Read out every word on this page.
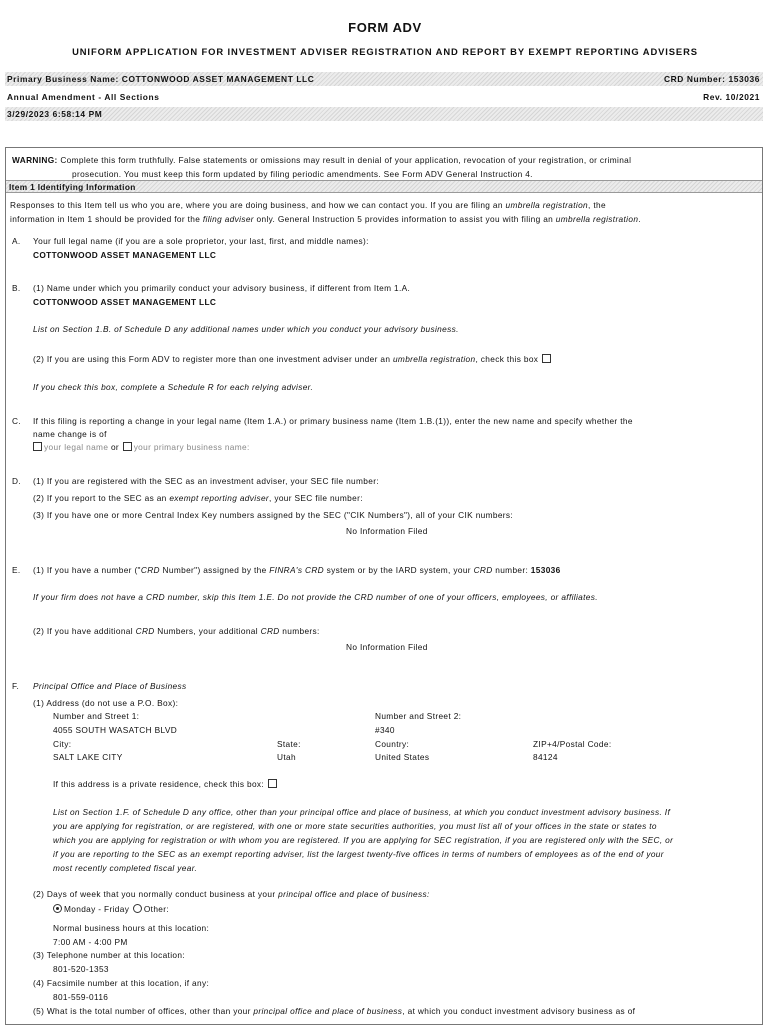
FORM ADV
UNIFORM APPLICATION FOR INVESTMENT ADVISER REGISTRATION AND REPORT BY EXEMPT REPORTING ADVISERS
Primary Business Name: COTTONWOOD ASSET MANAGEMENT LLC	CRD Number: 153036
Annual Amendment - All Sections	Rev. 10/2021
3/29/2023 6:58:14 PM
WARNING: Complete this form truthfully. False statements or omissions may result in denial of your application, revocation of your registration, or criminal
prosecution. You must keep this form updated by filing periodic amendments. See Form ADV General Instruction 4.
Item 1 Identifying Information
Responses to this Item tell us who you are, where you are doing business, and how we can contact you. If you are filing an umbrella registration, the
information in Item 1 should be provided for the filing adviser only. General Instruction 5 provides information to assist you with filing an umbrella registration.
A. Your full legal name (if you are a sole proprietor, your last, first, and middle names):
COTTONWOOD ASSET MANAGEMENT LLC
B. (1) Name under which you primarily conduct your advisory business, if different from Item 1.A.
COTTONWOOD ASSET MANAGEMENT LLC
List on Section 1.B. of Schedule D any additional names under which you conduct your advisory business.
(2) If you are using this Form ADV to register more than one investment adviser under an umbrella registration, check this box
If you check this box, complete a Schedule R for each relying adviser.
C. If this filing is reporting a change in your legal name (Item 1.A.) or primary business name (Item 1.B.(1)), enter the new name and specify whether the
name change is of
your legal name or your primary business name:
D. (1) If you are registered with the SEC as an investment adviser, your SEC file number:
(2) If you report to the SEC as an exempt reporting adviser, your SEC file number:
(3) If you have one or more Central Index Key numbers assigned by the SEC ("CIK Numbers"), all of your CIK numbers:
No Information Filed
E. (1) If you have a number ("CRD Number") assigned by the FINRA's CRD system or by the IARD system, your CRD number: 153036
If your firm does not have a CRD number, skip this Item 1.E. Do not provide the CRD number of one of your officers, employees, or affiliates.
(2) If you have additional CRD Numbers, your additional CRD numbers:
No Information Filed
F. Principal Office and Place of Business
(1) Address (do not use a P.O. Box):
Number and Street 1:
4055 SOUTH WASATCH BLVD
Number and Street 2:
#340
City:
SALT LAKE CITY
State:
Utah
Country:
United States
ZIP+4/Postal Code:
84124
If this address is a private residence, check this box:
List on Section 1.F. of Schedule D any office, other than your principal office and place of business, at which you conduct investment advisory business. If
you are applying for registration, or are registered, with one or more state securities authorities, you must list all of your offices in the state or states to
which you are applying for registration or with whom you are registered. If you are applying for SEC registration, if you are registered only with the SEC, or
if you are reporting to the SEC as an exempt reporting adviser, list the largest twenty-five offices in terms of numbers of employees as of the end of your
most recently completed fiscal year.
(2) Days of week that you normally conduct business at your principal office and place of business:
Monday - Friday Other:
Normal business hours at this location:
7:00 AM - 4:00 PM
(3) Telephone number at this location:
801-520-1353
(4) Facsimile number at this location, if any:
801-559-0116
(5) What is the total number of offices, other than your principal office and place of business, at which you conduct investment advisory business as of
